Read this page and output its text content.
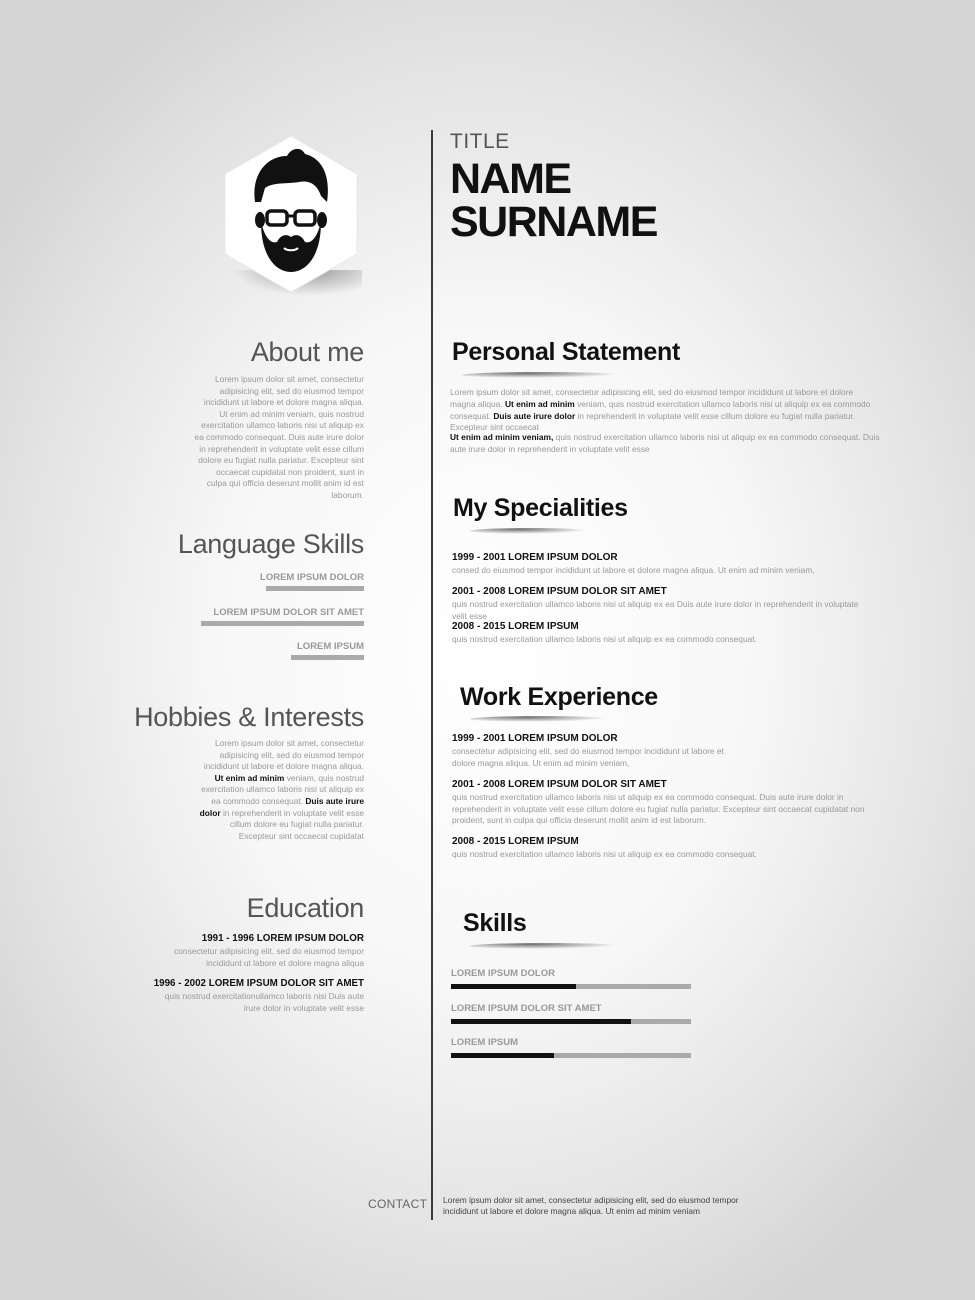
TITLE
NAME
SURNAME
About me
Lorem ipsum dolor sit amet, consectetur adipisicing elit, sed do eiusmod tempor incididunt ut labore et dolore magna aliqua. Ut enim ad minim veniam, quis nostrud exercitation ullamco laboris nisi ut aliquip ex ea commodo consequat. Duis aute irure dolor in reprehenderit in voluptate velit esse cillum dolore eu fugiat nulla pariatur. Excepteur sint occaecat cupidatat non proident, sunt in culpa qui officia deserunt mollit anim id est laborum.
Language Skills
LOREM IPSUM DOLOR
LOREM IPSUM DOLOR SIT AMET
LOREM IPSUM
Hobbies & Interests
Lorem ipsum dolor sit amet, consectetur adipisicing elit, sed do eiusmod tempor incididunt ut labore et dolore magna aliqua. Ut enim ad minim veniam, quis nostrud exercitation ullamco laboris nisi ut aliquip ex ea commodo consequat. Duis aute irure dolor in reprehenderit in voluptate velit esse cillum dolore eu fugiat nulla pariatur. Excepteur sint occaecat cupidatat
Education
1991 - 1996 LOREM IPSUM DOLOR
consectetur adipisicing elit, sed do eiusmod tempor incididunt ut labore et dolore magna aliqua
1996 - 2002 LOREM IPSUM DOLOR SIT AMET
quis nostrud exercitationullamco laboris nisi Duis aute irure dolor in voluptate velit esse
Personal Statement
Lorem ipsum dolor sit amet, consectetur adipisicing elit, sed do eiusmod tempor incididunt ut labore et dolore magna aliqua. Ut enim ad minim veniam, quis nostrud exercitation ullamco laboris nisi ut aliquip ex ea commodo consequat. Duis aute irure dolor in reprehenderit in voluptate velit esse cillum dolore eu fugiat nulla pariatur. Excepteur sint occaecat
Ut enim ad minim veniam, quis nostrud exercitation ullamco laboris nisi ut aliquip ex ea commodo consequat. Duis aute irure dolor in reprehenderit in voluptate velit esse
My Specialities
1999 - 2001 LOREM IPSUM DOLOR
consed do eiusmod tempor incididunt ut labore et dolore magna aliqua. Ut enim ad minim veniam,
2001 - 2008 LOREM IPSUM DOLOR SIT AMET
quis nostrud exercitation ullamco laboris nisi ut aliquip ex ea Duis aute irure dolor in reprehenderit in voluptate velit esse
2008 - 2015 LOREM IPSUM
quis nostrud exercitation ullamco laboris nisi ut aliquip ex ea commodo consequat.
Work Experience
1999 - 2001 LOREM IPSUM DOLOR
consectetur adipisicing elit, sed do eiusmod tempor incididunt ut labore et dolore magna aliqua. Ut enim ad minim veniam,
2001 - 2008 LOREM IPSUM DOLOR SIT AMET
quis nostrud exercitation ullamco laboris nisi ut aliquip ex ea commodo consequat. Duis aute irure dolor in reprehenderit in voluptate velit esse cillum dolore eu fugiat nulla pariatur. Excepteur sint occaecat cupidatat non proident, sunt in culpa qui officia deserunt mollit anim id est laborum.
2008 - 2015 LOREM IPSUM
quis nostrud exercitation ullamco laboris nisi ut aliquip ex ea commodo consequat.
Skills
LOREM IPSUM DOLOR
LOREM IPSUM DOLOR SIT AMET
LOREM IPSUM
CONTACT Lorem ipsum dolor sit amet, consectetur adipisicing elit, sed do eiusmod tempor incididunt ut labore et dolore magna aliqua. Ut enim ad minim veniam
